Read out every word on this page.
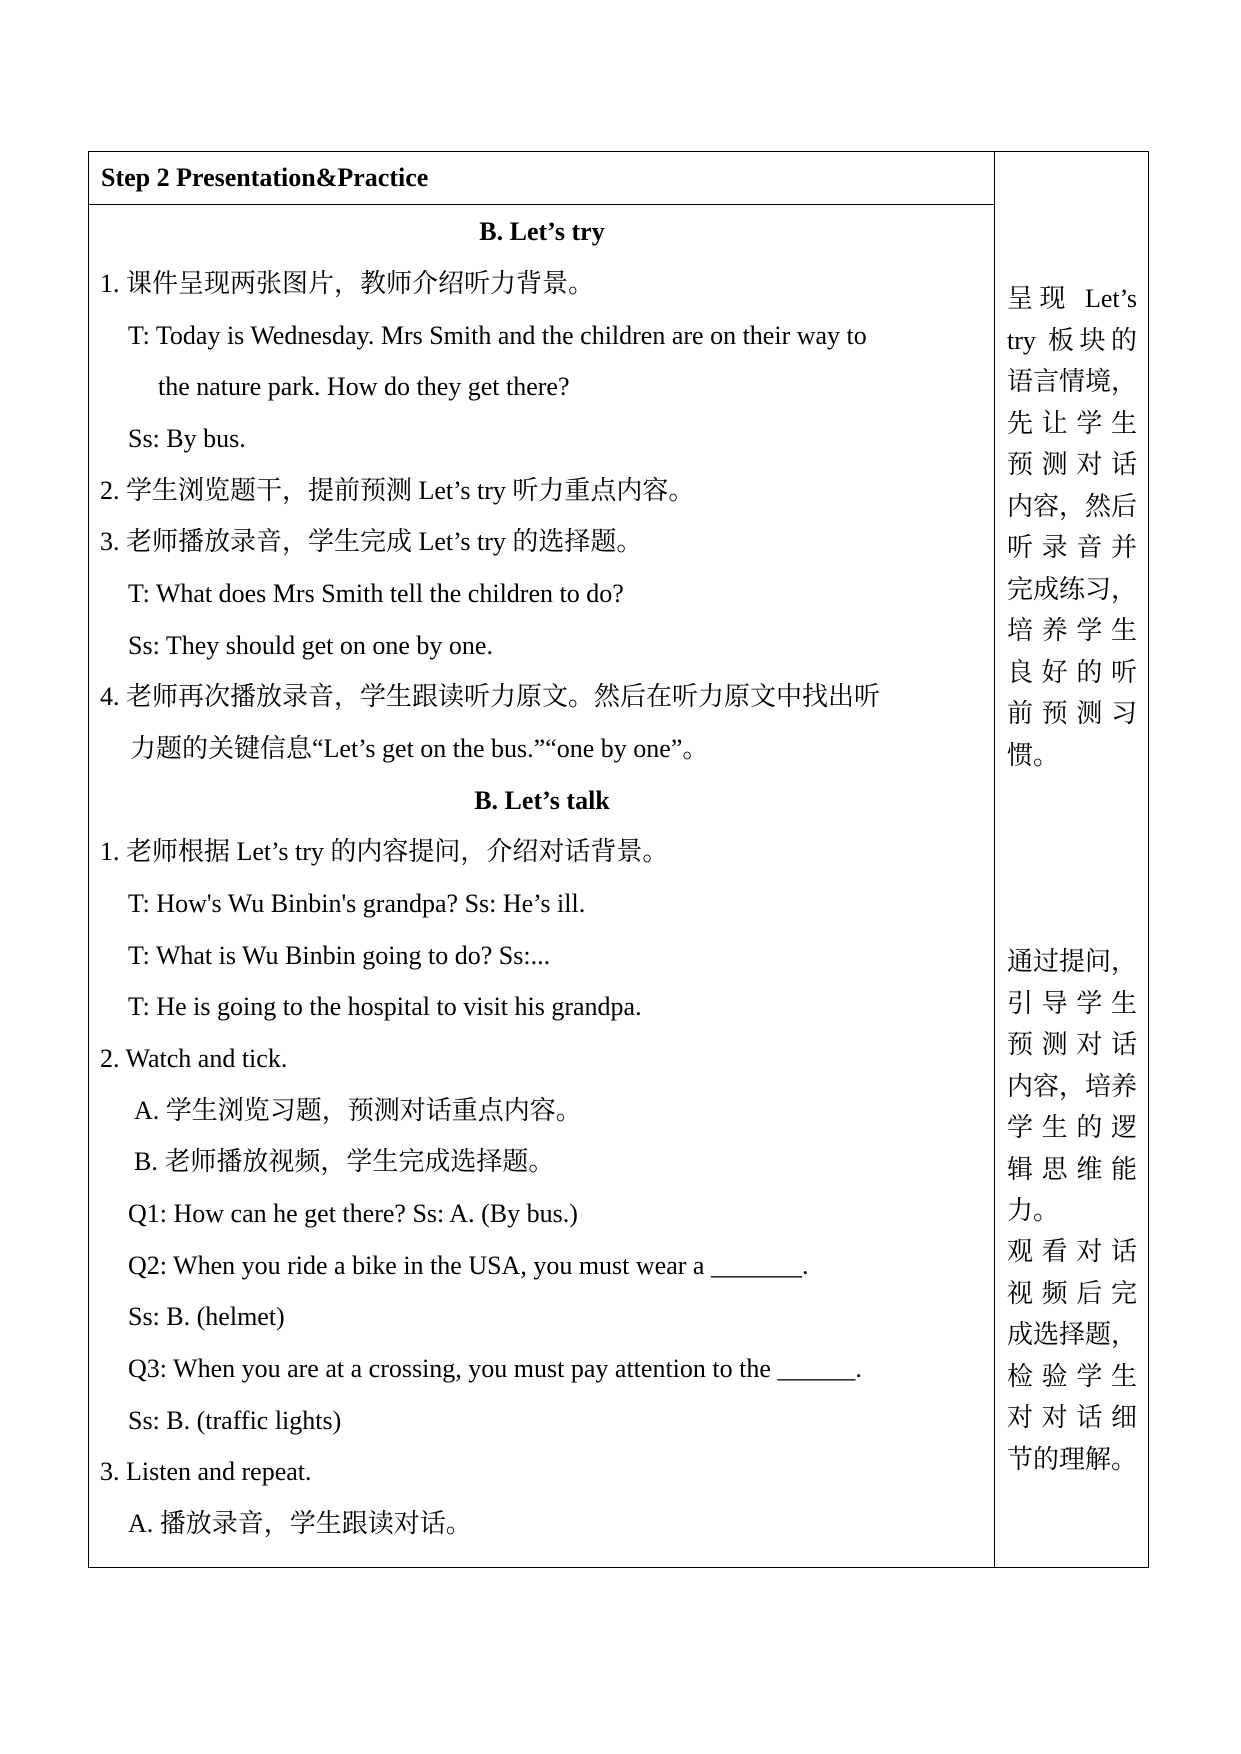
Step 2 Presentation&Practice
B. Let’s try
1. 课件呈现两张图片，教师介绍听力背景。
T: Today is Wednesday. Mrs Smith and the children are on their way to
the nature park. How do they get there?
Ss: By bus.
2. 学生浏览题干，提前预测 Let’s try 听力重点内容。
3. 老师播放录音，学生完成 Let’s try 的选择题。
T: What does Mrs Smith tell the children to do?
Ss: They should get on one by one.
4. 老师再次播放录音，学生跟读听力原文。然后在听力原文中找出听
力题的关键信息“Let’s get on the bus.”“one by one”。
B. Let’s talk
1. 老师根据 Let’s try 的内容提问，介绍对话背景。
T: How's Wu Binbin's grandpa? Ss: He’s ill.
T: What is Wu Binbin going to do? Ss:...
T: He is going to the hospital to visit his grandpa.
2. Watch and tick.
A. 学生浏览习题，预测对话重点内容。
B. 老师播放视频，学生完成选择题。
Q1: How can he get there? Ss: A. (By bus.)
Q2: When you ride a bike in the USA, you must wear a _______.
Ss: B. (helmet)
Q3: When you are at a crossing, you must pay attention to the ______.
Ss: B. (traffic lights)
3. Listen and repeat.
A. 播放录音，学生跟读对话。
呈现 Let’s
try 板块的
语言情境，
先让学生
预测对话
内容，然后
听录音并
完成练习，
培养学生
良好的听
前预测习
惯。
通过提问，
引导学生
预测对话
内容，培养
学生的逻
辑思维能
力。
观看对话
视频后完
成选择题，
检验学生
对对话细
节的理解。
